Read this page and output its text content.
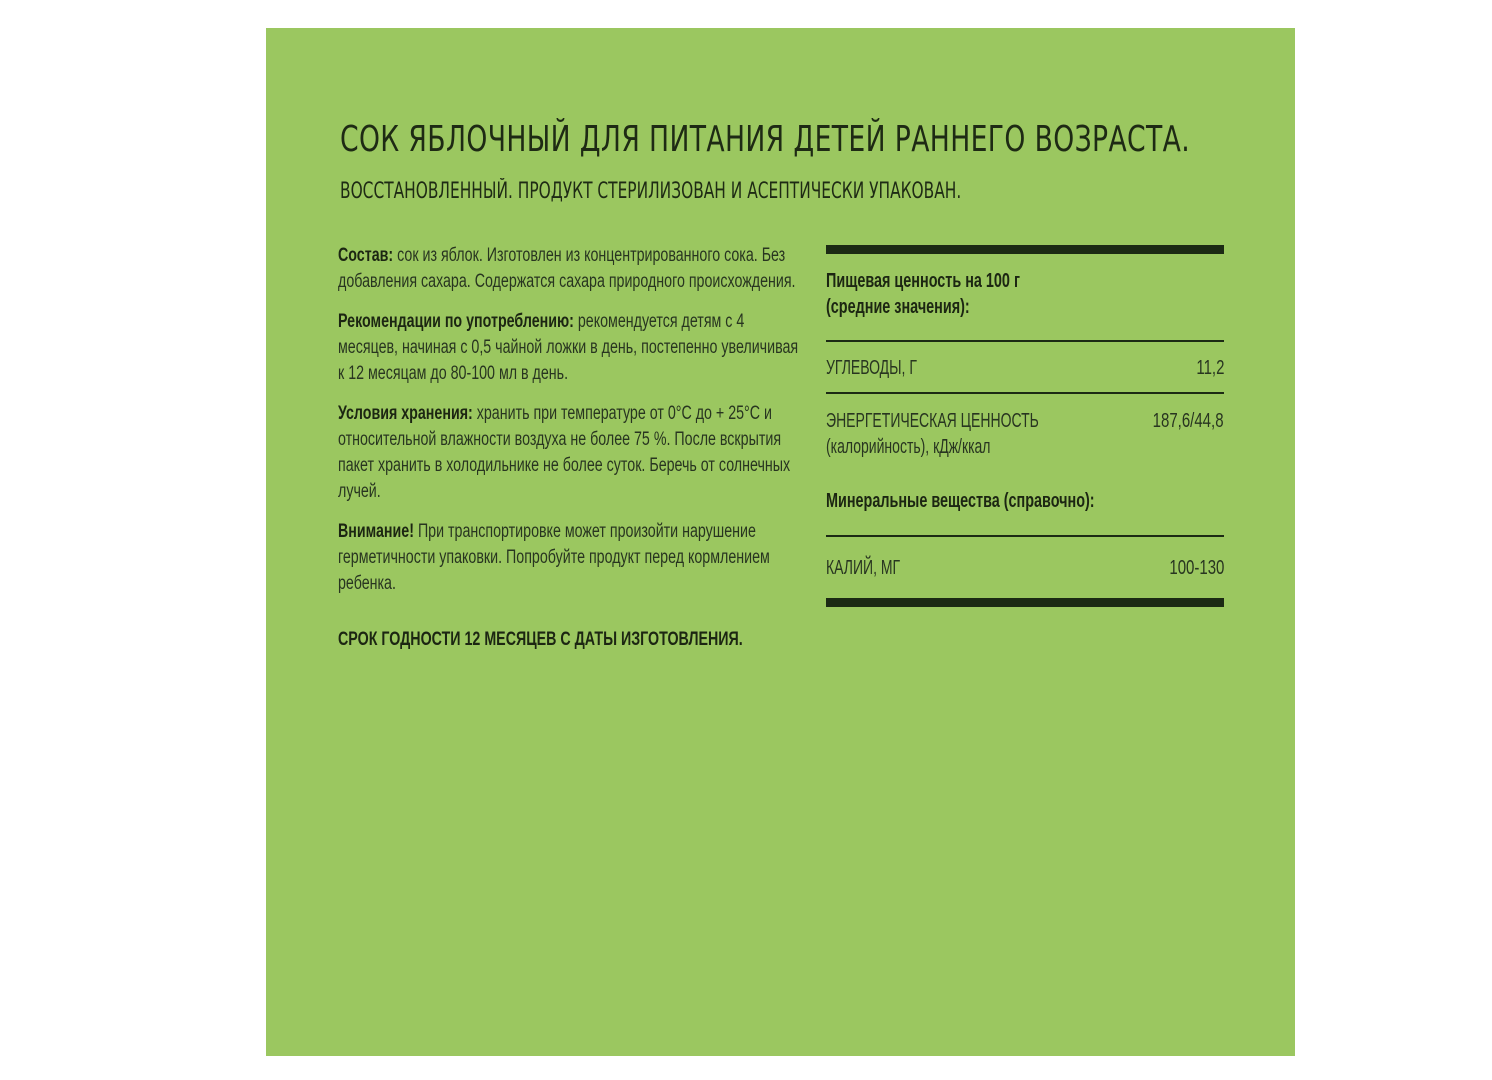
СОК ЯБЛОЧНЫЙ ДЛЯ ПИТАНИЯ ДЕТЕЙ РАННЕГО ВОЗРАСТА.
ВОССТАНОВЛЕННЫЙ. ПРОДУКТ СТЕРИЛИЗОВАН И АСЕПТИЧЕСКИ УПАКОВАН.

Состав: сок из яблок. Изготовлен из концентрированного сока. Без добавления сахара. Содержатся сахара природного происхождения.

Рекомендации по употреблению: рекомендуется детям с 4 месяцев, начиная с 0,5 чайной ложки в день, постепенно увеличивая к 12 месяцам до 80-100 мл в день.

Условия хранения: хранить при температуре от 0°C до + 25°C и относительной влажности воздуха не более 75 %. После вскрытия пакет хранить в холодильнике не более суток. Беречь от солнечных лучей.

Внимание! При транспортировке может произойти нарушение герметичности упаковки. Попробуйте продукт перед кормлением ребенка.

СРОК ГОДНОСТИ 12 МЕСЯЦЕВ С ДАТЫ ИЗГОТОВЛЕНИЯ.

Пищевая ценность на 100 г
(средние значения):
УГЛЕВОДЫ, Г	11,2
ЭНЕРГЕТИЧЕСКАЯ ЦЕННОСТЬ
(калорийность), кДж/ккал
187,6/44,8
Минеральные вещества (справочно):
КАЛИЙ, МГ	100-130
